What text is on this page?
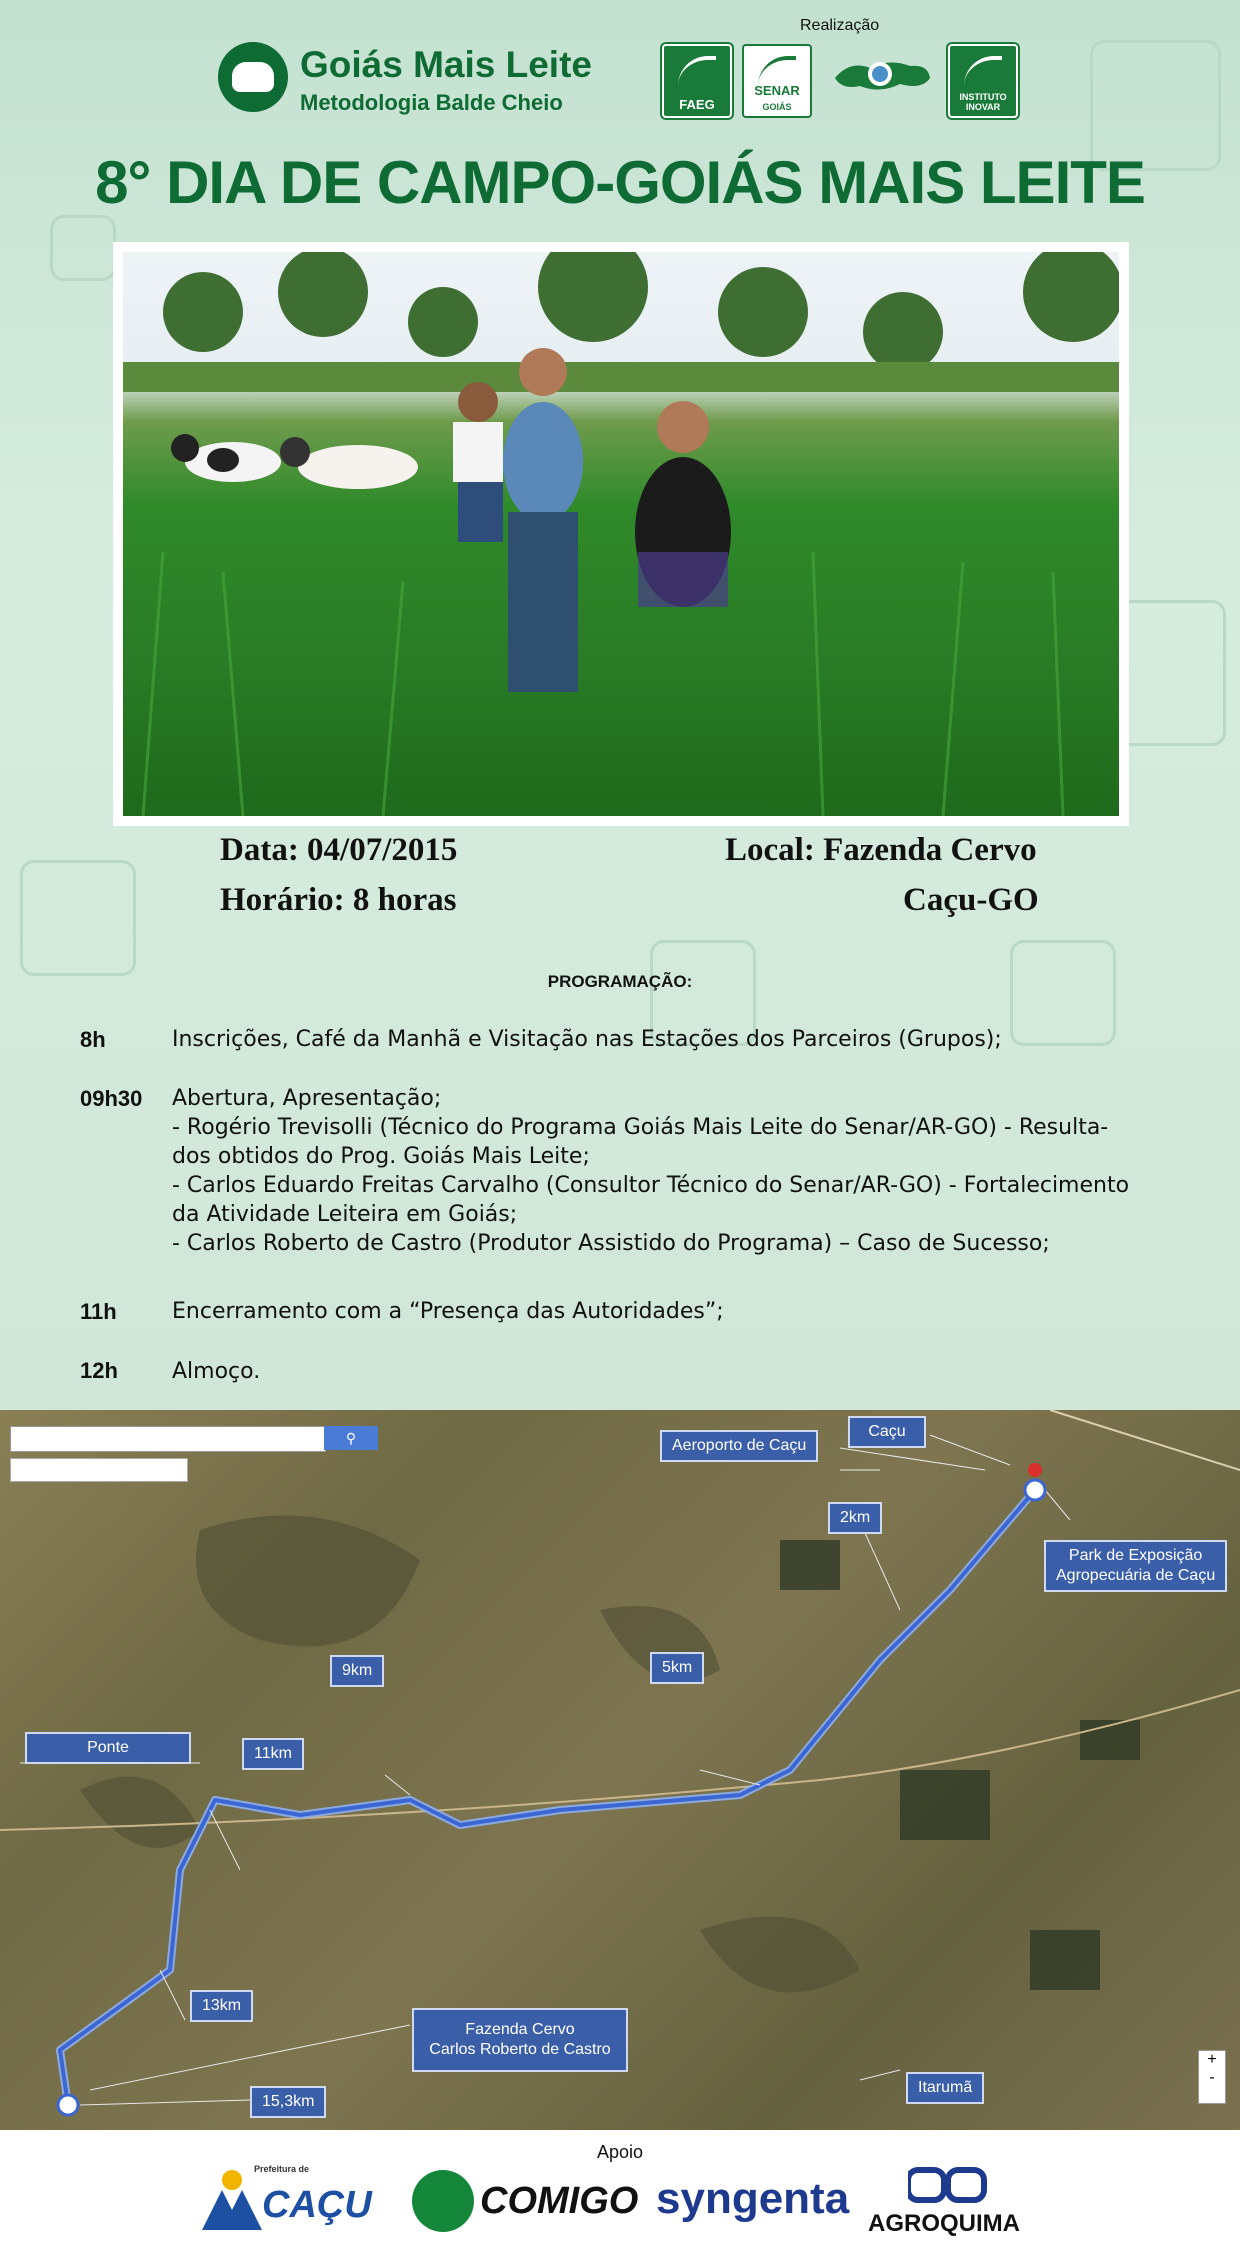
Goiás Mais Leite
Metodologia Balde Cheio
Realização
FAEG
SENAR
GOIÁS
INSTITUTO INOVAR
8° DIA DE CAMPO-GOIÁS MAIS LEITE
Data: 04/07/2015
Horário: 8 horas
Local: Fazenda Cervo
Caçu-GO
PROGRAMAÇÃO:
8h	Inscrições, Café da Manhã e Visitação nas Estações dos Parceiros (Grupos);
09h30 Abertura, Apresentação;
- Rogério Trevisolli (Técnico do Programa Goiás Mais Leite do Senar/AR-GO) - Resulta-
dos obtidos do Prog. Goiás Mais Leite;
- Carlos Eduardo Freitas Carvalho (Consultor Técnico do Senar/AR-GO) - Fortalecimento
da Atividade Leiteira em Goiás;
- Carlos Roberto de Castro (Produtor Assistido do Programa) – Caso de Sucesso;
11h	Encerramento com a “Presença das Autoridades”;
12h Almoço.
⚲	Aeroporto de Caçu
Caçu
Park de Exposição
Agropecuária de Caçu
2km
5km
9km
11km
13km
15,3km
Ponte
Fazenda Cervo
Carlos Roberto de Castro
Itarumã
+
-
Apoio
Prefeitura de
CAÇU	COMIGO syngenta
AGROQUIMA
